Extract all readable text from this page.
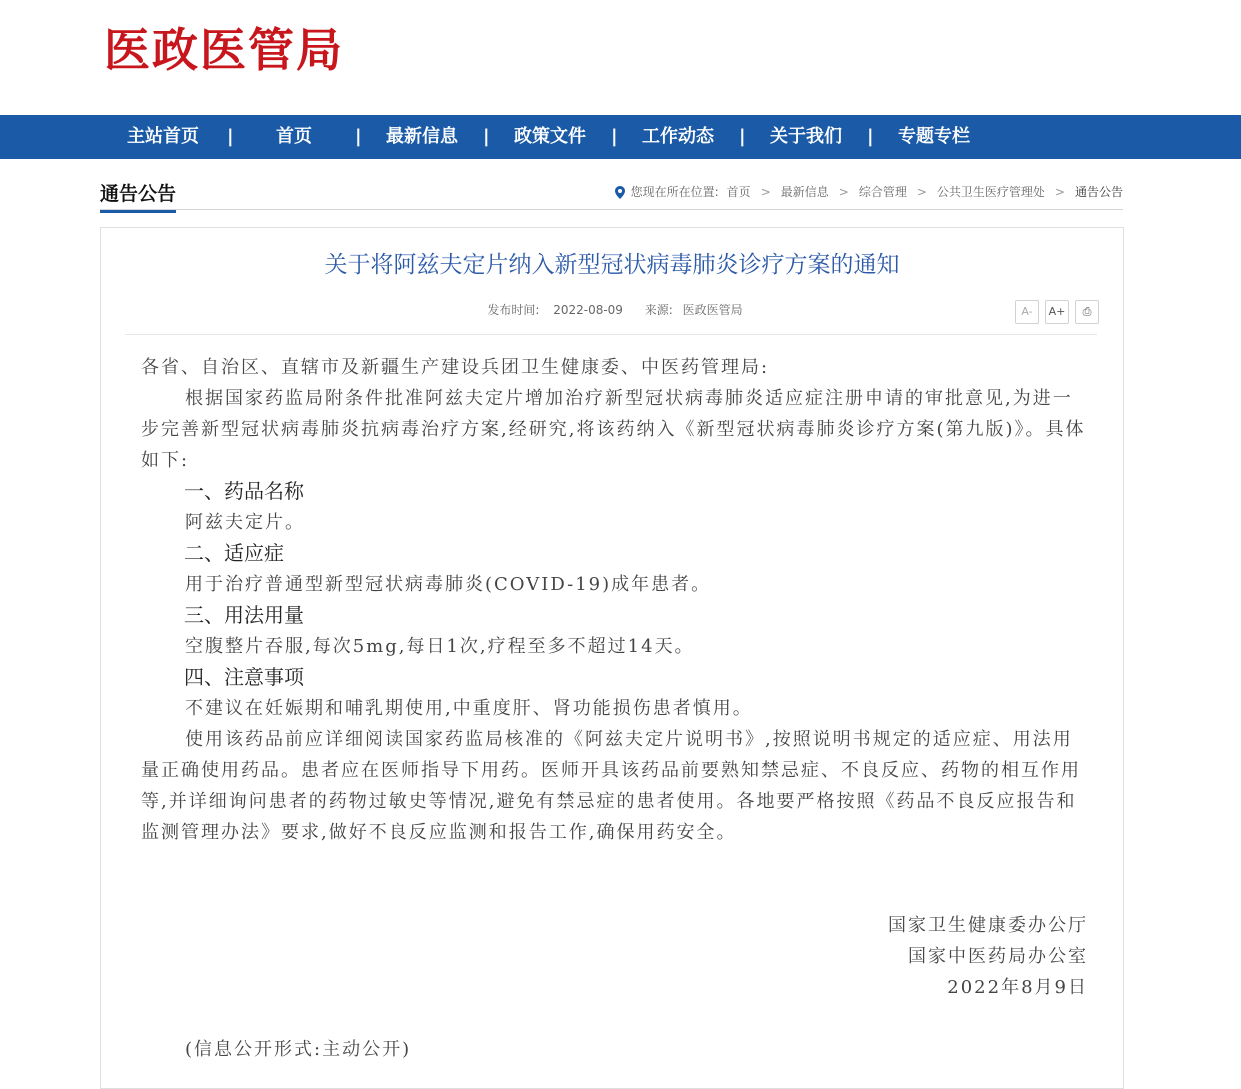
医政医管局
主站首页	|	首页	|	最新信息	|	政策文件	|	工作动态	|	关于我们	|	专题专栏
通告公告	您现在所在位置: 首页 > 最新信息 > 综合管理 > 公共卫生医疗管理处 > 通告公告
关于将阿兹夫定片纳入新型冠状病毒肺炎诊疗方案的通知
发布时间: 2022-08-09 来源: 医政医管局	A-	A+	⎙

各省、自治区、直辖市及新疆生产建设兵团卫生健康委、中医药管理局:

根据国家药监局附条件批准阿兹夫定片增加治疗新型冠状病毒肺炎适应症注册申请的审批意见,为进一步完善新型冠状病毒肺炎抗病毒治疗方案,经研究,将该药纳入《新型冠状病毒肺炎诊疗方案(第九版)》。具体如下:

一、药品名称

阿兹夫定片。

二、适应症

用于治疗普通型新型冠状病毒肺炎(COVID-19)成年患者。

三、用法用量

空腹整片吞服,每次5mg,每日1次,疗程至多不超过14天。

四、注意事项

不建议在妊娠期和哺乳期使用,中重度肝、肾功能损伤患者慎用。

使用该药品前应详细阅读国家药监局核准的《阿兹夫定片说明书》,按照说明书规定的适应症、用法用量正确使用药品。患者应在医师指导下用药。医师开具该药品前要熟知禁忌症、不良反应、药物的相互作用等,并详细询问患者的药物过敏史等情况,避免有禁忌症的患者使用。各地要严格按照《药品不良反应报告和监测管理办法》要求,做好不良反应监测和报告工作,确保用药安全。

国家卫生健康委办公厅

国家中医药局办公室

2022年8月9日

(信息公开形式:主动公开)
